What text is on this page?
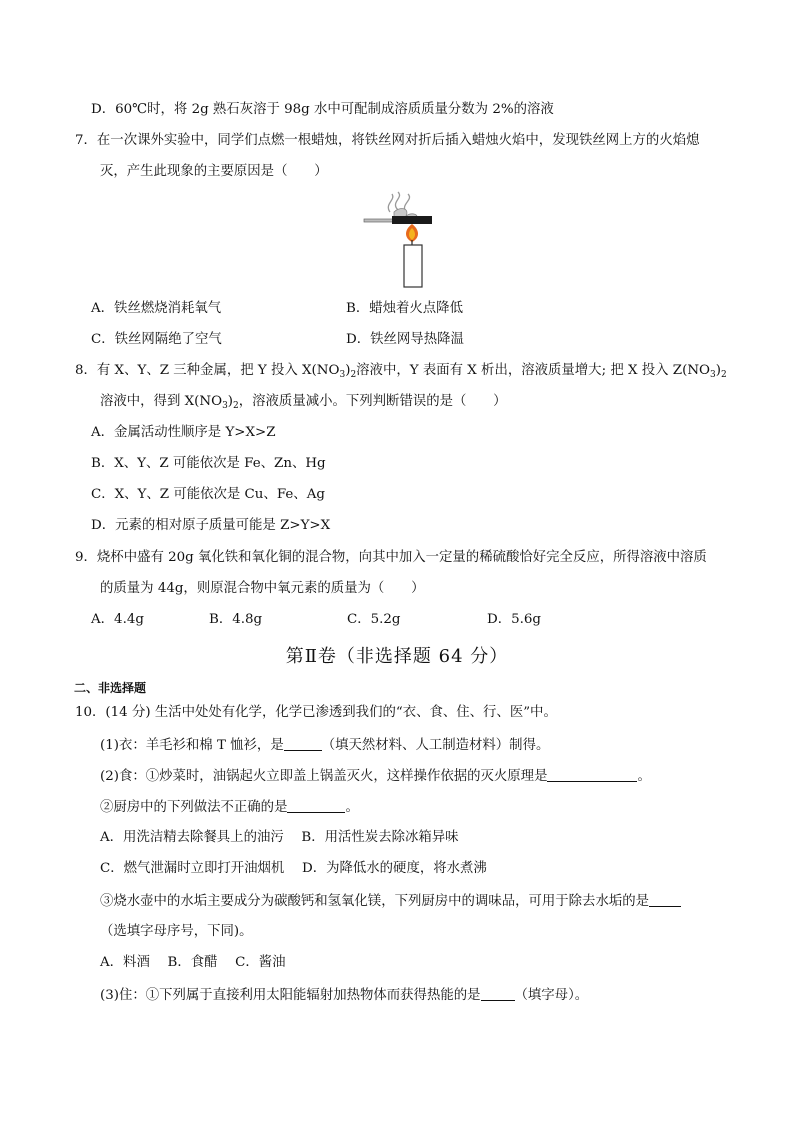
D．60℃时，将 2g 熟石灰溶于 98g 水中可配制成溶质质量分数为 2%的溶液
7．在一次课外实验中，同学们点燃一根蜡烛，将铁丝网对折后插入蜡烛火焰中，发现铁丝网上方的火焰熄
灭，产生此现象的主要原因是（　　）
A．铁丝燃烧消耗氧气	B．蜡烛着火点降低
C．铁丝网隔绝了空气	D．铁丝网导热降温
8．有 X、Y、Z 三种金属，把 Y 投入 $X(NO_3)_2$溶液中，Y 表面有 X 析出，溶液质量增大; 把 X 投入 $Z(NO_3)_2$
溶液中，得到 $X(NO_3)_2$，溶液质量减小。下列判断错误的是（　　）
A．金属活动性顺序是 Y>X>Z
B．X、Y、Z 可能依次是 Fe、Zn、Hg
C．X、Y、Z 可能依次是 Cu、Fe、Ag
D．元素的相对原子质量可能是 Z>Y>X
9．烧杯中盛有 20g 氧化铁和氧化铜的混合物，向其中加入一定量的稀硫酸恰好完全反应，所得溶液中溶质
的质量为 44g，则原混合物中氧元素的质量为（　　）
A．4.4g	B．4.8g	C．5.2g	D．5.6g
第Ⅱ卷（非选择题 64 分）
二、非选择题
10．(14 分) 生活中处处有化学，化学已渗透到我们的“衣、食、住、行、医”中。
(1)衣：羊毛衫和棉 T 恤衫，是	（填天然材料、人工制造材料）制得。
(2)食：①炒菜时，油锅起火立即盖上锅盖灭火，这样操作依据的灭火原理是	。
②厨房中的下列做法不正确的是	。
A．用洗洁精去除餐具上的油污　 B．用活性炭去除冰箱异味
C．燃气泄漏时立即打开油烟机　 D．为降低水的硬度，将水煮沸
③烧水壶中的水垢主要成分为碳酸钙和氢氧化镁，下列厨房中的调味品，可用于除去水垢的是
（选填字母序号，下同)。
A．料酒　 B．食醋　 C．酱油
(3)住：①下列属于直接利用太阳能辐射加热物体而获得热能的是	（填字母）。
